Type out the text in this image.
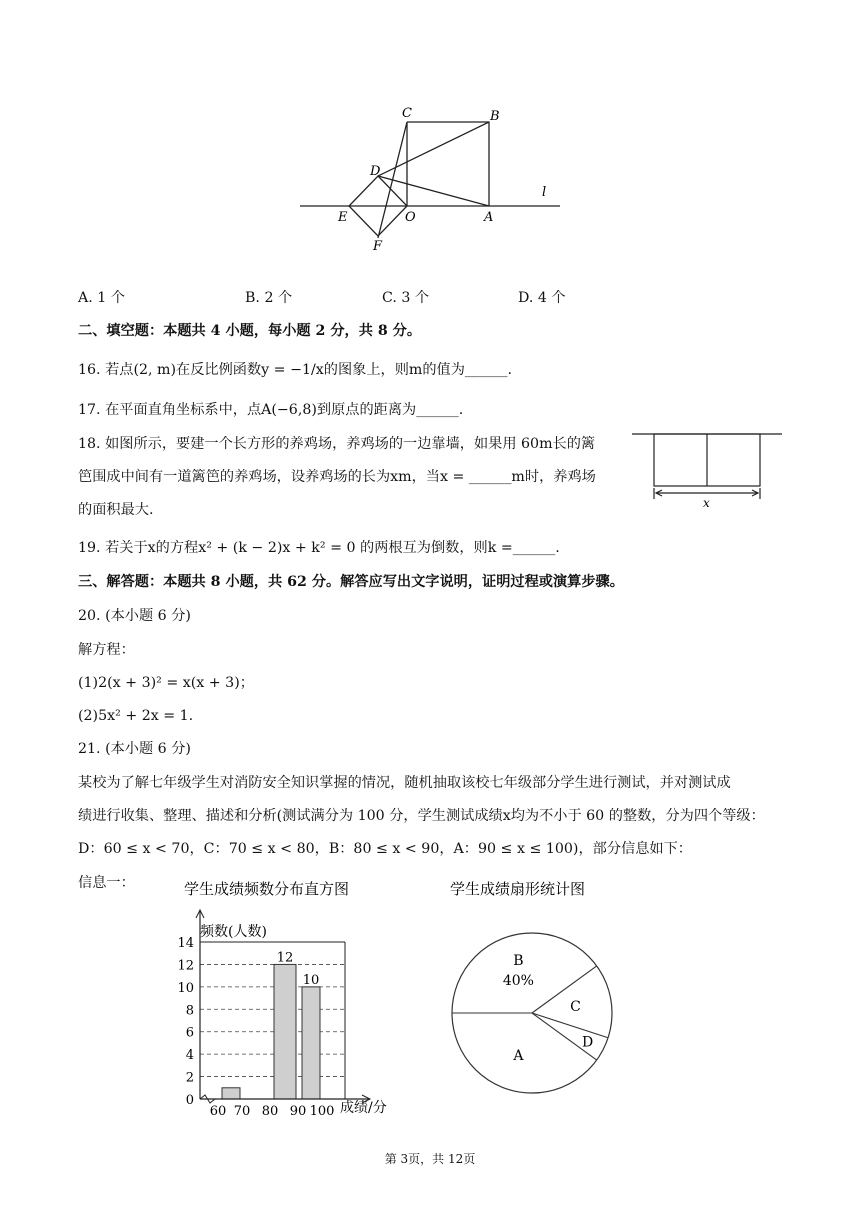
C	B
D
l
E	O	A
F
A. 1 个	B. 2 个	C. 3 个	D. 4 个
二、填空题：本题共 4 小题，每小题 2 分，共 8 分。
16. 若点(2, m)在反比例函数y = −1/x的图象上，则m的值为______.
17. 在平面直角坐标系中，点A(−6,8)到原点的距离为______.
18. 如图所示，要建一个长方形的养鸡场，养鸡场的一边靠墙，如果用 60m长的篱
笆围成中间有一道篱笆的养鸡场，设养鸡场的长为xm，当x = ______m时，养鸡场
的面积最大.	x
19. 若关于x的方程x² + (k − 2)x + k² = 0 的两根互为倒数，则k =______.
三、解答题：本题共 8 小题，共 62 分。解答应写出文字说明，证明过程或演算步骤。
20. (本小题 6 分)
解方程：
(1)2(x + 3)² = x(x + 3)；
(2)5x² + 2x = 1.
21. (本小题 6 分)
某校为了解七年级学生对消防安全知识掌握的情况，随机抽取该校七年级部分学生进行测试，并对测试成
绩进行收集、整理、描述和分析(测试满分为 100 分，学生测试成绩x均为不小于 60 的整数，分为四个等级：
D：60 ≤ x < 70，C：70 ≤ x < 80，B：80 ≤ x < 90，A：90 ≤ x ≤ 100)，部分信息如下：
信息一：	学生成绩频数分布直方图
频数(人数)
成绩/分
12
10
0
2
4
6
8
10
12
14
60 70 80 90 100
学生成绩扇形统计图
B
40%
C
D
A
第 3页，共 12页
